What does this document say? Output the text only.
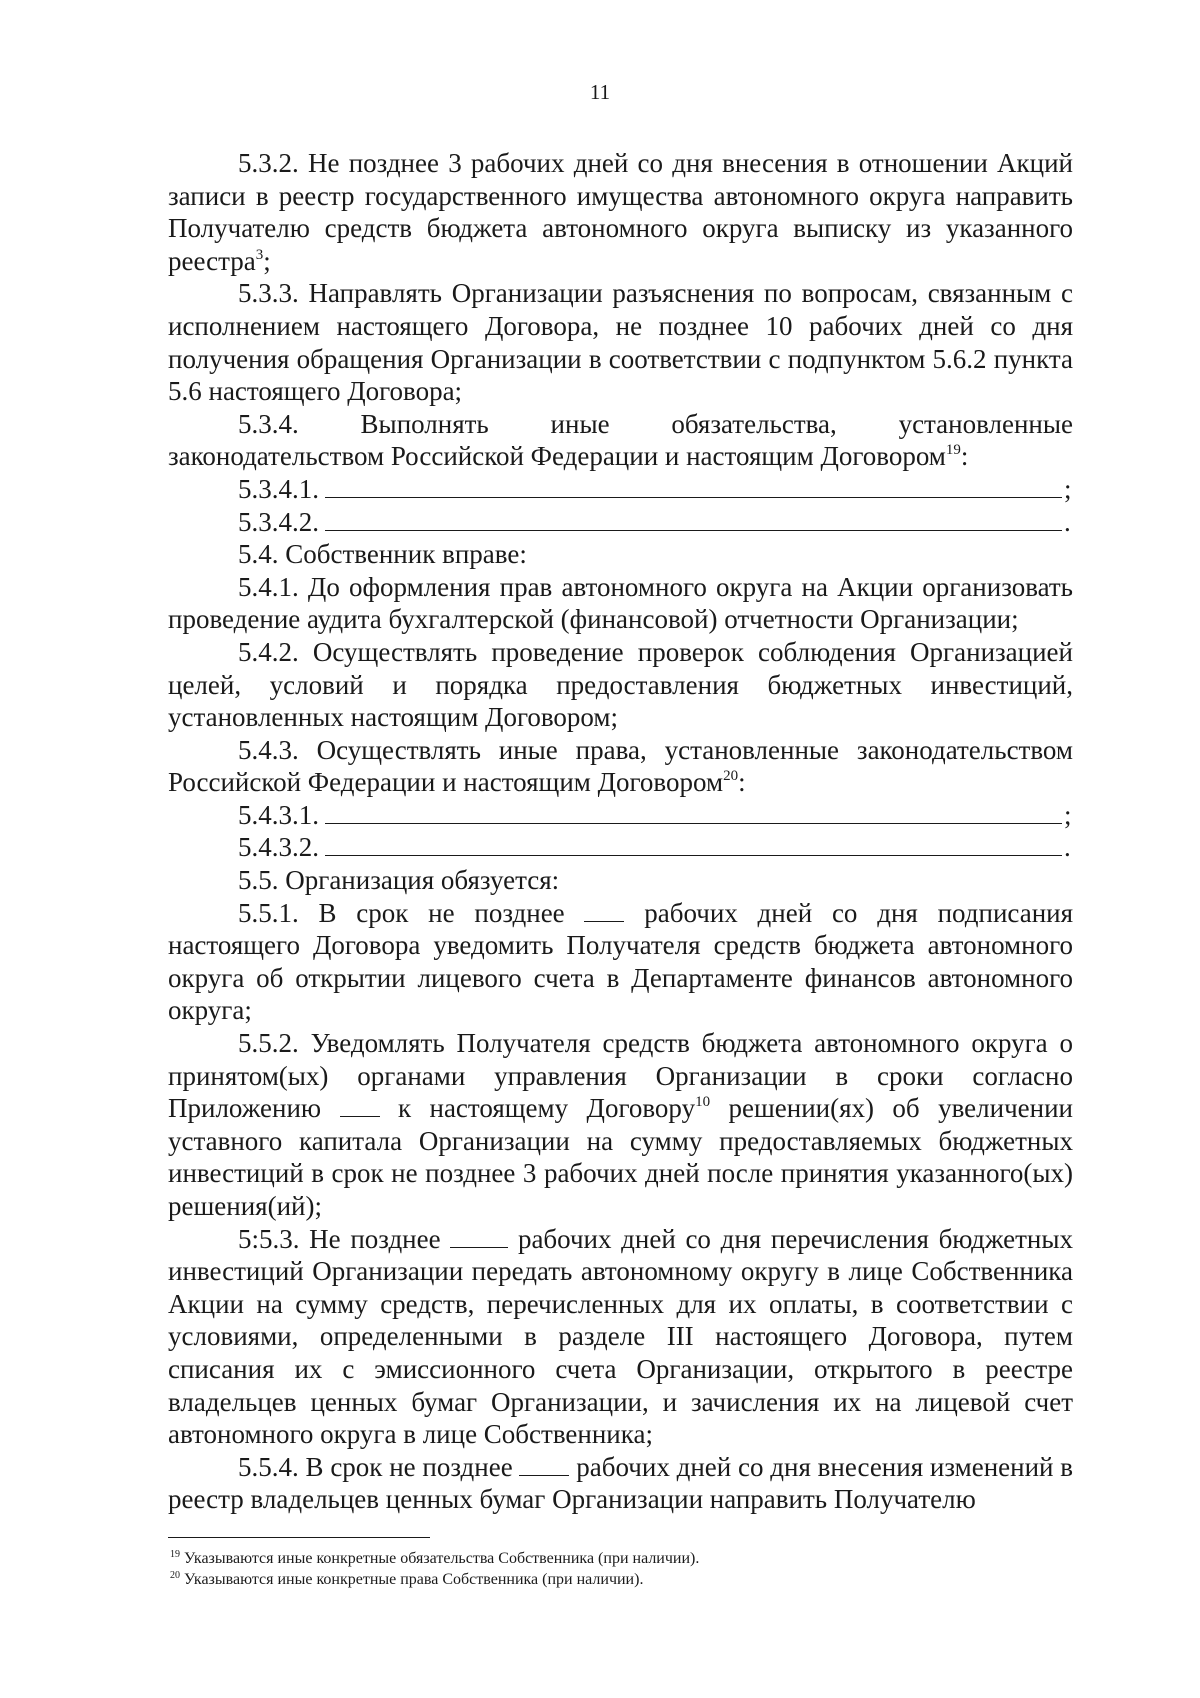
11

5.3.2. Не позднее 3 рабочих дней со дня внесения в отношении Акций записи в реестр государственного имущества автономного округа направить Получателю средств бюджета автономного округа выписку из указанного реестра$^3$;

5.3.3. Направлять Организации разъяснения по вопросам, связанным с исполнением настоящего Договора, не позднее 10 рабочих дней со дня получения обращения Организации в соответствии с подпунктом 5.6.2 пункта 5.6 настоящего Договора;

5.3.4. Выполнять иные обязательства, установленные законодательством Российской Федерации и настоящим Договором$^{19}$:

5.3.4.1.	;
5.3.4.2.	.

5.4. Собственник вправе:

5.4.1. До оформления прав автономного округа на Акции организовать проведение аудита бухгалтерской (финансовой) отчетности Организации;

5.4.2. Осуществлять проведение проверок соблюдения Организацией целей, условий и порядка предоставления бюджетных инвестиций, установленных настоящим Договором;

5.4.3. Осуществлять иные права, установленные законодательством Российской Федерации и настоящим Договором$^{20}$:

5.4.3.1.	;
5.4.3.2.	.

5.5. Организация обязуется:

5.5.1. В срок не позднее	рабочих дней со дня подписания настоящего Договора уведомить Получателя средств бюджета автономного округа об открытии лицевого счета в Департаменте финансов автономного округа;

5.5.2. Уведомлять Получателя средств бюджета автономного округа о принятом(ых) органами управления Организации в сроки согласно Приложению	к настоящему Договору$^{10}$ решении(ях) об увеличении уставного капитала Организации на сумму предоставляемых бюджетных инвестиций в срок не позднее 3 рабочих дней после принятия указанного(ых) решения(ий);

5:5.3. Не позднее	рабочих дней со дня перечисления бюджетных инвестиций Организации передать автономному округу в лице Собственника Акции на сумму средств, перечисленных для их оплаты, в соответствии с условиями, определенными в разделе III настоящего Договора, путем списания их с эмиссионного счета Организации, открытого в реестре владельцев ценных бумаг Организации, и зачисления их на лицевой счет автономного округа в лице Собственника;

5.5.4. В срок не позднее рабочих дней со дня внесения изменений в реестр владельцев ценных бумаг Организации направить Получателю

$^{19}$ Указываются иные конкретные обязательства Собственника (при наличии).

$^{20}$ Указываются иные конкретные права Собственника (при наличии).
